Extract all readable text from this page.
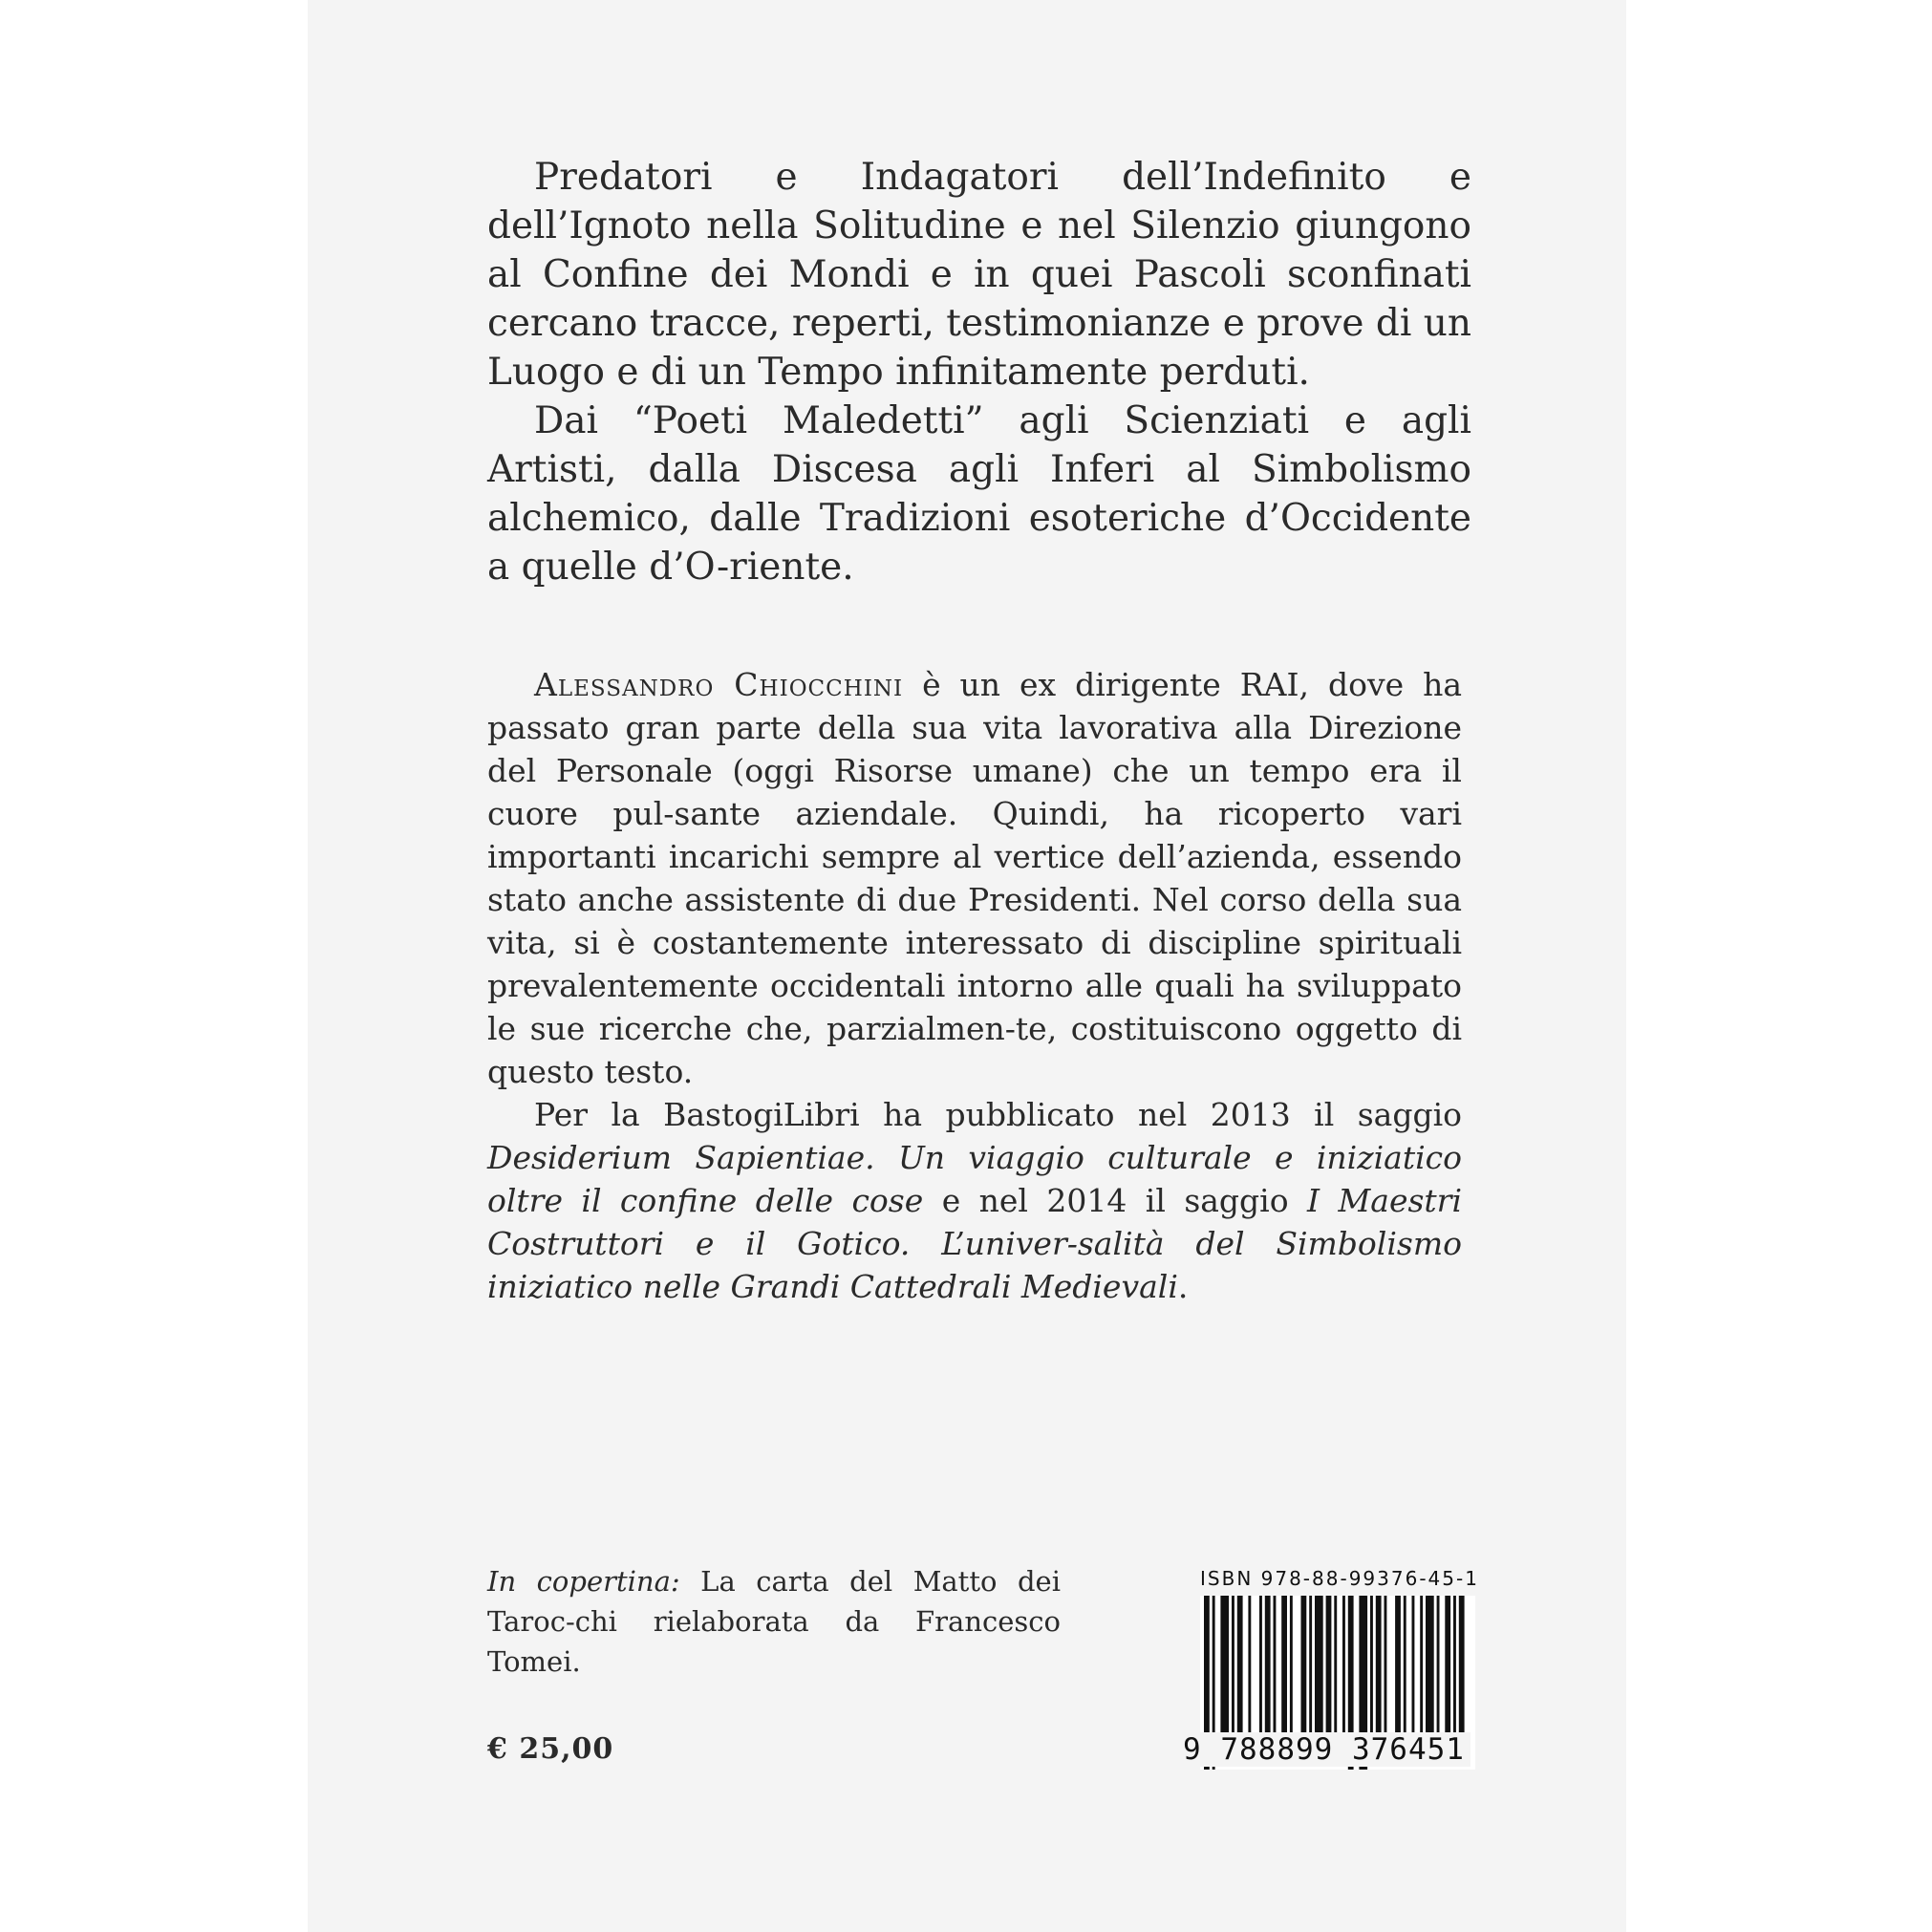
Predatori e Indagatori dell’Indefinito e dell’Ignoto nella Solitudine e nel Silenzio giungono al Confine dei Mondi e in quei Pascoli sconfinati cercano tracce, reperti, testimonianze e prove di un Luogo e di un Tempo infinitamente perduti.

Dai “Poeti Maledetti” agli Scienziati e agli Artisti, dalla Discesa agli Inferi al Simbolismo alchemico, dalle Tradizioni esoteriche d’Occidente a quelle d’O-riente.

Alessandro Chiocchini è un ex dirigente RAI, dove ha passato gran parte della sua vita lavorativa alla Direzione del Personale (oggi Risorse umane) che un tempo era il cuore pul-sante aziendale. Quindi, ha ricoperto vari importanti incarichi sempre al vertice dell’azienda, essendo stato anche assistente di due Presidenti. Nel corso della sua vita, si è costantemente interessato di discipline spirituali prevalentemente occidentali intorno alle quali ha sviluppato le sue ricerche che, parzialmen-te, costituiscono oggetto di questo testo.

Per la BastogiLibri ha pubblicato nel 2013 il saggio Desiderium Sapientiae. Un viaggio culturale e iniziatico oltre il confine delle cose e nel 2014 il saggio I Maestri Costruttori e il Gotico. L’univer-salità del Simbolismo iniziatico nelle Grandi Cattedrali Medievali.

In copertina: La carta del Matto dei Taroc-chi rielaborata da Francesco Tomei.
€ 25,00
ISBN 978-88-99376-45-1
9 788899 376451
